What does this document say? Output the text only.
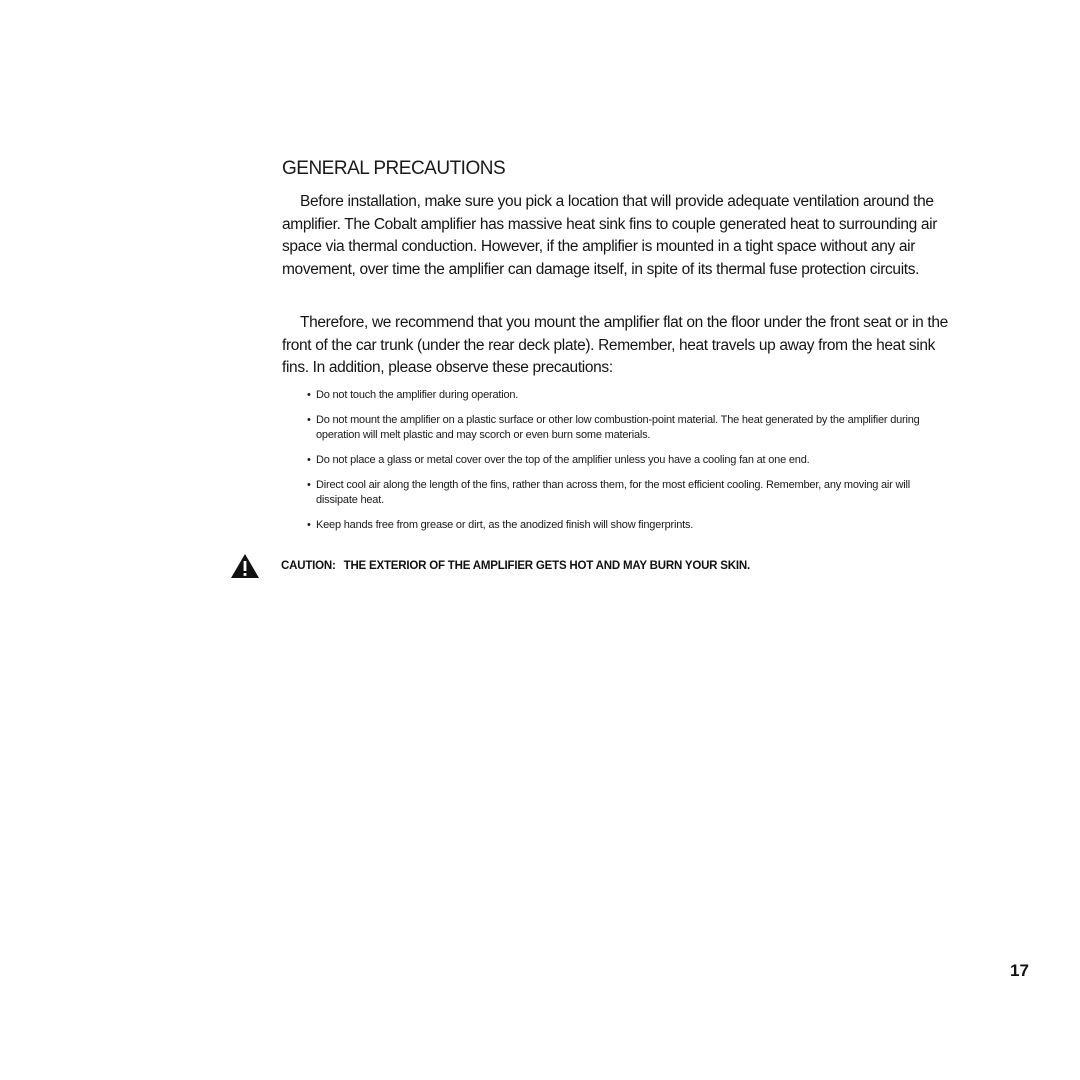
GENERAL PRECAUTIONS

Before installation, make sure you pick a location that will provide adequate ventilation around the amplifier. The Cobalt amplifier has massive heat sink fins to couple generated heat to surrounding air space via thermal conduction. However, if the amplifier is mounted in a tight space without any air movement, over time the amplifier can damage itself, in spite of its thermal fuse protection circuits.

Therefore, we recommend that you mount the amplifier flat on the floor under the front seat or in the front of the car trunk (under the rear deck plate). Remember, heat travels up away from the heat sink fins. In addition, please observe these precautions:

• Do not touch the amplifier during operation.
• Do not mount the amplifier on a plastic surface or other low combustion-point material. The heat generated by the amplifier during operation will melt plastic and may scorch or even burn some materials.
• Do not place a glass or metal cover over the top of the amplifier unless you have a cooling fan at one end.
• Direct cool air along the length of the fins, rather than across them, for the most efficient cooling. Remember, any moving air will dissipate heat.
• Keep hands free from grease or dirt, as the anodized finish will show fingerprints.
CAUTION: THE EXTERIOR OF THE AMPLIFIER GETS HOT AND MAY BURN YOUR SKIN.
17
